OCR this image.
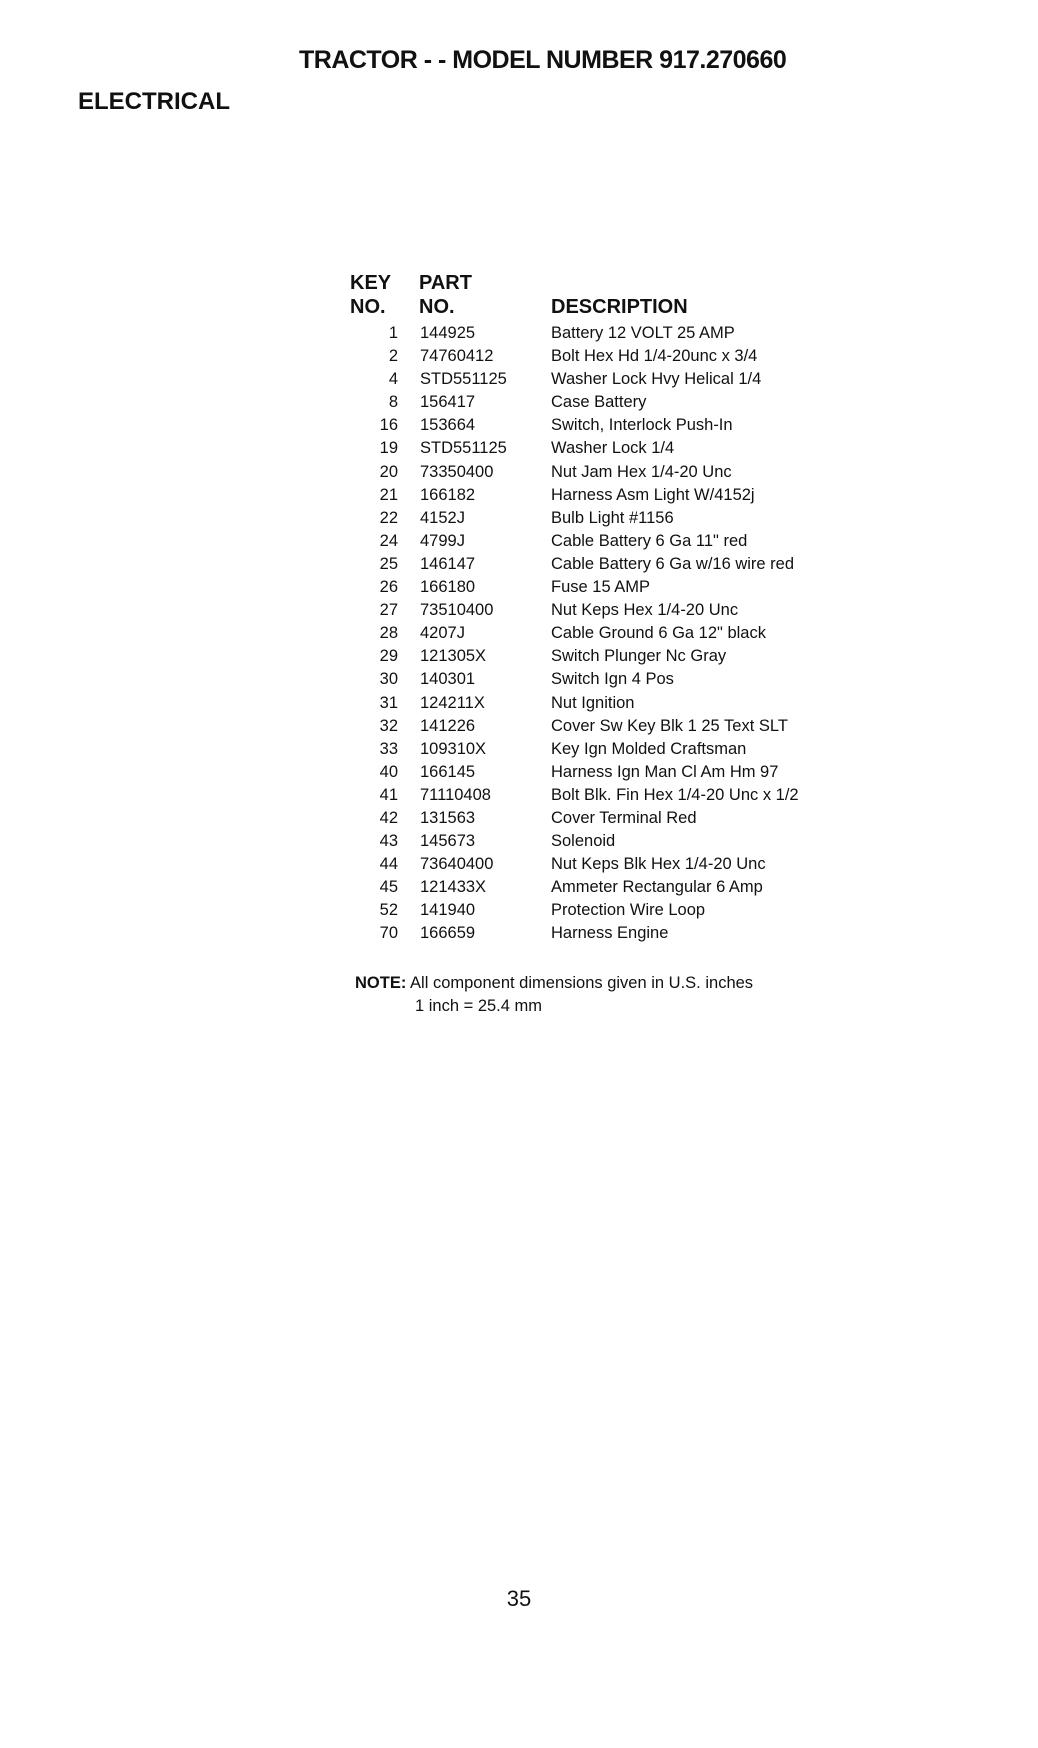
TRACTOR - - MODEL NUMBER 917.270660
ELECTRICAL
KEY PART
NO. NO.	DESCRIPTION
1 144925	Battery 12 VOLT 25 AMP
2 74760412	Bolt Hex Hd 1/4-20unc x 3/4
4 STD551125	Washer Lock Hvy Helical 1/4
8 156417	Case Battery
16 153664	Switch, Interlock Push-In
19 STD551125	Washer Lock 1/4
20 73350400	Nut Jam Hex 1/4-20 Unc
21 166182	Harness Asm Light W/4152j
22 4152J	Bulb Light #1156
24 4799J	Cable Battery 6 Ga 11" red
25 146147	Cable Battery 6 Ga w/16 wire red
26 166180	Fuse 15 AMP
27 73510400	Nut Keps Hex 1/4-20 Unc
28 4207J	Cable Ground 6 Ga 12" black
29 121305X	Switch Plunger Nc Gray
30 140301	Switch Ign 4 Pos
31 124211X	Nut Ignition
32 141226	Cover Sw Key Blk 1 25 Text SLT
33 109310X	Key Ign Molded Craftsman
40 166145	Harness Ign Man Cl Am Hm 97
41 71110408	Bolt Blk. Fin Hex 1/4-20 Unc x 1/2
42 131563	Cover Terminal Red
43 145673	Solenoid
44 73640400	Nut Keps Blk Hex 1/4-20 Unc
45 121433X	Ammeter Rectangular 6 Amp
52 141940	Protection Wire Loop
70 166659	Harness Engine
NOTE: All component dimensions given in U.S. inches
1 inch = 25.4 mm
35
